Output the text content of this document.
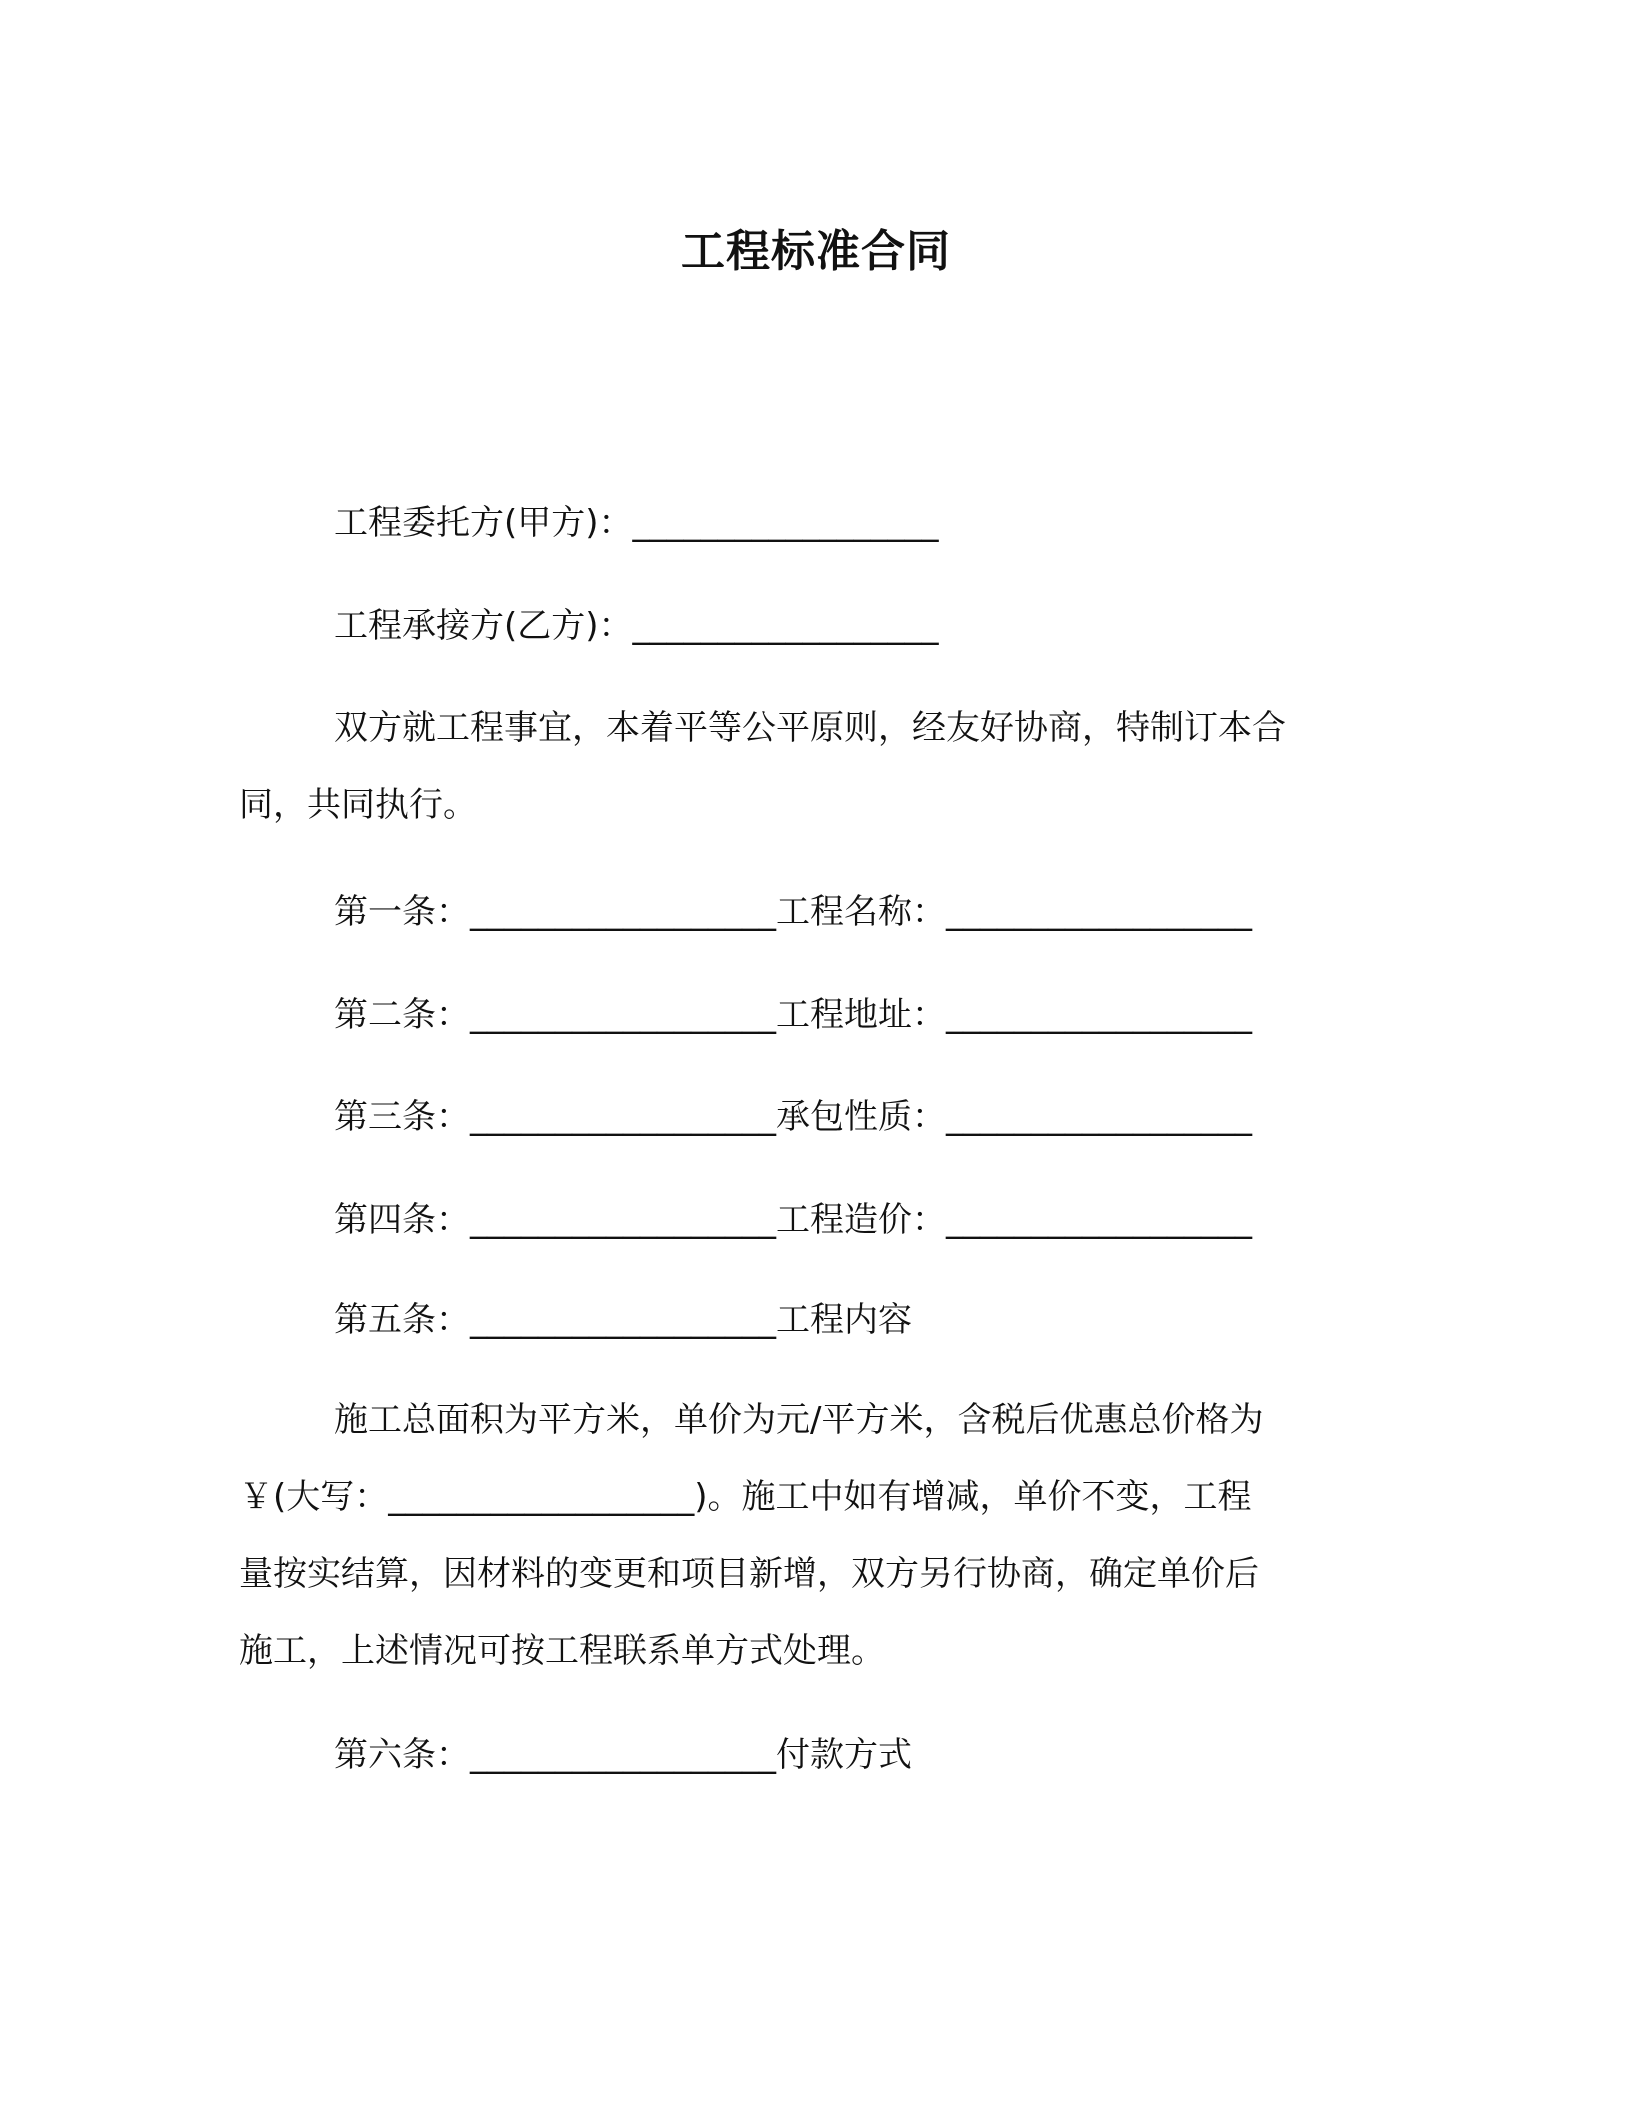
工程标准合同
工程委托方(甲方)：__________________
工程承接方(乙方)：__________________
双方就工程事宜，本着平等公平原则，经友好协商，特制订本合
同，共同执行。
第一条：__________________工程名称：__________________
第二条：__________________工程地址：__________________
第三条：__________________承包性质：__________________
第四条：__________________工程造价：__________________
第五条：__________________工程内容
施工总面积为平方米，单价为元/平方米，含税后优惠总价格为
￥(大写：__________________)。施工中如有增减，单价不变，工程
量按实结算，因材料的变更和项目新增，双方另行协商，确定单价后
施工，上述情况可按工程联系单方式处理。
第六条：__________________付款方式
